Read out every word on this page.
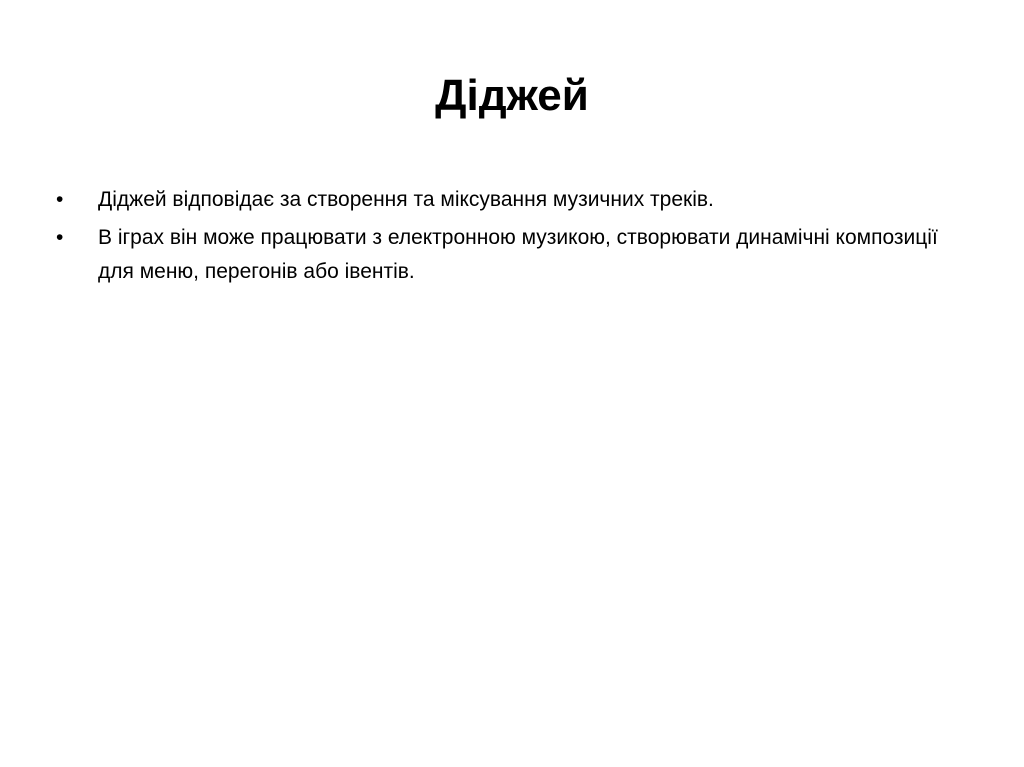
Діджей
•	Діджей відповідає за створення та міксування музичних треків.
•	В іграх він може працювати з електронною музикою, створювати динамічні композиції для меню, перегонів або івентів.
